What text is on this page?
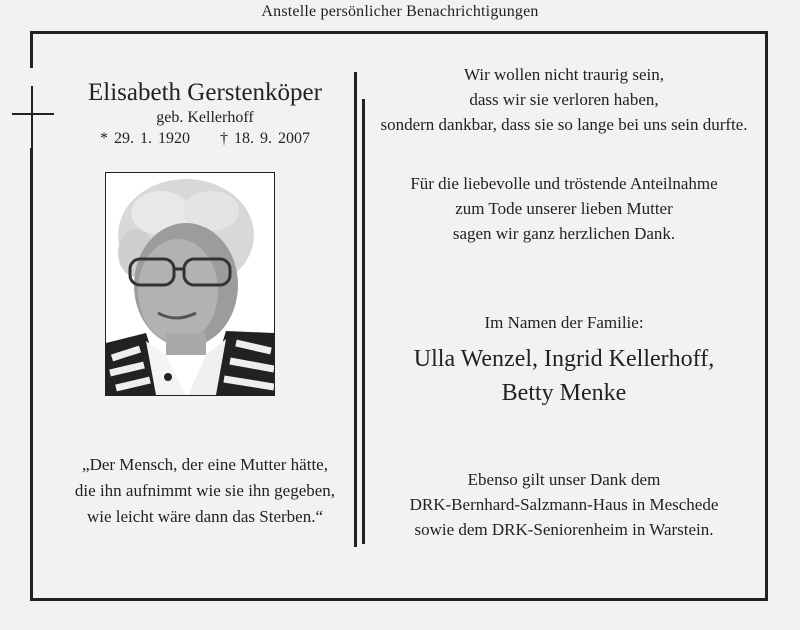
Anstelle persönlicher Benachrichtigungen
Elisabeth Gerstenköper
geb. Kellerhoff
* 29. 1. 1920 † 18. 9. 2007
„Der Mensch, der eine Mutter hätte,
die ihn aufnimmt wie sie ihn gegeben,
wie leicht wäre dann das Sterben.“
Wir wollen nicht traurig sein,
dass wir sie verloren haben,
sondern dankbar, dass sie so lange bei uns sein durfte.
Für die liebevolle und tröstende Anteilnahme
zum Tode unserer lieben Mutter
sagen wir ganz herzlichen Dank.
Im Namen der Familie:
Ulla Wenzel, Ingrid Kellerhoff,
Betty Menke
Ebenso gilt unser Dank dem
DRK-Bernhard-Salzmann-Haus in Meschede
sowie dem DRK-Seniorenheim in Warstein.
